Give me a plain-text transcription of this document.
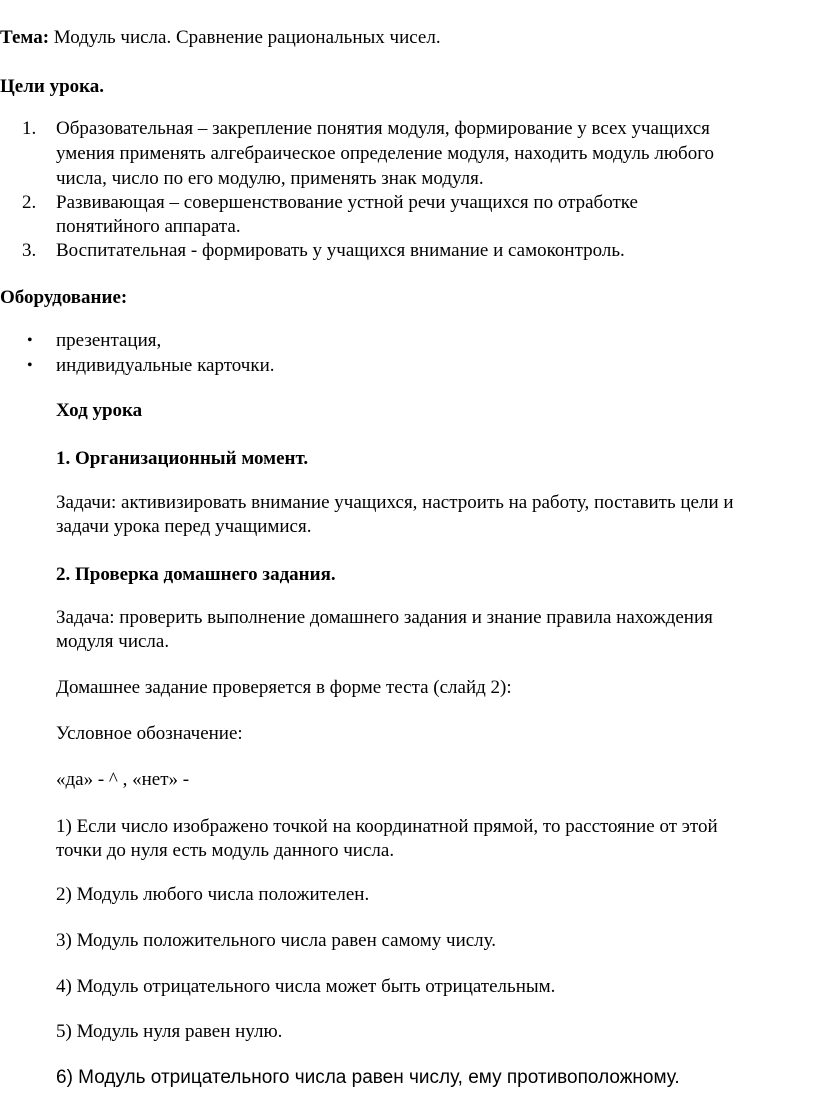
Тема: Модуль числа. Сравнение рациональных чисел.
Цели урока.
1.	Образовательная – закрепление понятия модуля, формирование у всех учащихся
умения применять алгебраическое определение модуля, находить модуль любого
числа, число по его модулю, применять знак модуля.
2.	Развивающая – совершенствование устной речи учащихся по отработке
понятийного аппарата.
3.	Воспитательная - формировать у учащихся внимание и самоконтроль.
Оборудование:
• презентация,
• индивидуальные карточки.
Ход урока
1. Организационный момент.
Задачи: активизировать внимание учащихся, настроить на работу, поставить цели и
задачи урока перед учащимися.
2. Проверка домашнего задания.
Задача: проверить выполнение домашнего задания и знание правила нахождения
модуля числа.
Домашнее задание проверяется в форме теста (слайд 2):
Условное обозначение:
«да» - ^ , «нет» -
1) Если число изображено точкой на координатной прямой, то расстояние от этой
точки до нуля есть модуль данного числа.
2) Модуль любого числа положителен.
3) Модуль положительного числа равен самому числу.
4) Модуль отрицательного числа может быть отрицательным.
5) Модуль нуля равен нулю.
6) Модуль отрицательного числа равен числу, ему противоположному.
